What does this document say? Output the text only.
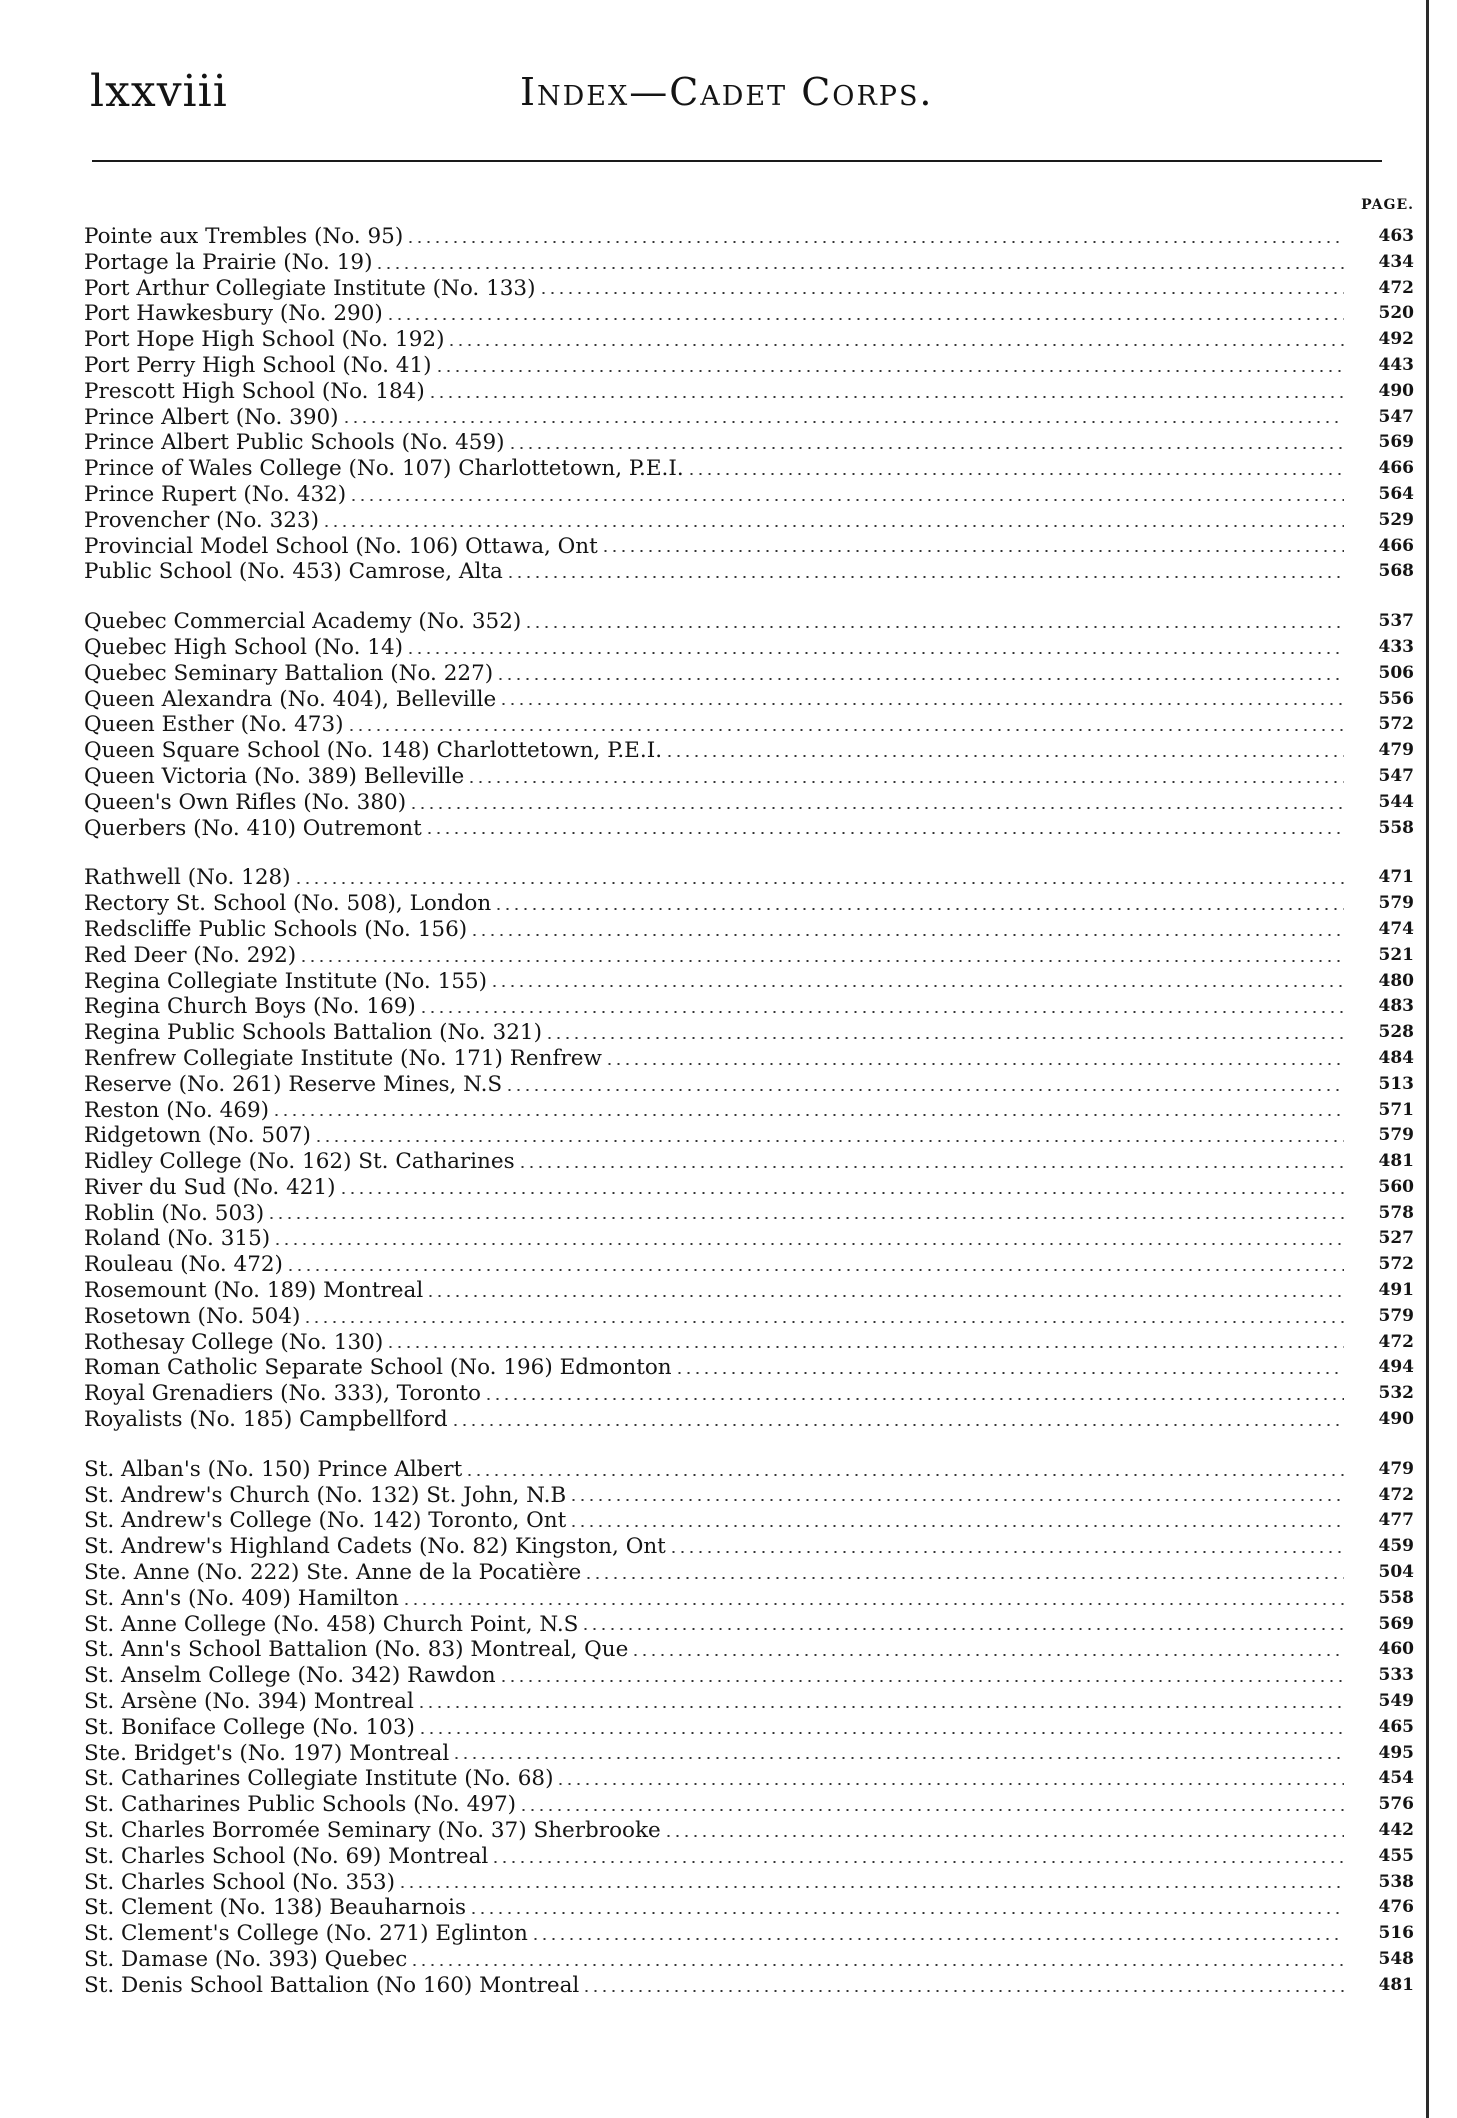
lxxviii	Index—Cadet Corps.
PAGE.
Pointe aux Trembles (No. 95)	463
Portage la Prairie (No. 19)	434
Port Arthur Collegiate Institute (No. 133)	472
Port Hawkesbury (No. 290)	520
Port Hope High School (No. 192)	492
Port Perry High School (No. 41)	443
Prescott High School (No. 184)	490
Prince Albert (No. 390)	547
Prince Albert Public Schools (No. 459)	569
Prince of Wales College (No. 107) Charlottetown, P.E.I.	466
Prince Rupert (No. 432)	564
Provencher (No. 323)	529
Provincial Model School (No. 106) Ottawa, Ont	466
Public School (No. 453) Camrose, Alta	568
Quebec Commercial Academy (No. 352)	537
Quebec High School (No. 14)	433
Quebec Seminary Battalion (No. 227)	506
Queen Alexandra (No. 404), Belleville	556
Queen Esther (No. 473)	572
Queen Square School (No. 148) Charlottetown, P.E.I.	479
Queen Victoria (No. 389) Belleville	547
Queen's Own Rifles (No. 380)	544
Querbers (No. 410) Outremont	558
Rathwell (No. 128)	471
Rectory St. School (No. 508), London	579
Redscliffe Public Schools (No. 156)	474
Red Deer (No. 292)	521
Regina Collegiate Institute (No. 155)	480
Regina Church Boys (No. 169)	483
Regina Public Schools Battalion (No. 321)	528
Renfrew Collegiate Institute (No. 171) Renfrew	484
Reserve (No. 261) Reserve Mines, N.S	513
Reston (No. 469)	571
Ridgetown (No. 507)	579
Ridley College (No. 162) St. Catharines	481
River du Sud (No. 421)	560
Roblin (No. 503)	578
Roland (No. 315)	527
Rouleau (No. 472)	572
Rosemount (No. 189) Montreal	491
Rosetown (No. 504)	579
Rothesay College (No. 130)	472
Roman Catholic Separate School (No. 196) Edmonton	494
Royal Grenadiers (No. 333), Toronto	532
Royalists (No. 185) Campbellford	490
St. Alban's (No. 150) Prince Albert	479
St. Andrew's Church (No. 132) St. John, N.B	472
St. Andrew's College (No. 142) Toronto, Ont	477
St. Andrew's Highland Cadets (No. 82) Kingston, Ont	459
Ste. Anne (No. 222) Ste. Anne de la Pocatière	504
St. Ann's (No. 409) Hamilton	558
St. Anne College (No. 458) Church Point, N.S	569
St. Ann's School Battalion (No. 83) Montreal, Que	460
St. Anselm College (No. 342) Rawdon	533
St. Arsène (No. 394) Montreal	549
St. Boniface College (No. 103)	465
Ste. Bridget's (No. 197) Montreal	495
St. Catharines Collegiate Institute (No. 68)	454
St. Catharines Public Schools (No. 497)	576
St. Charles Borromée Seminary (No. 37) Sherbrooke	442
St. Charles School (No. 69) Montreal	455
St. Charles School (No. 353)	538
St. Clement (No. 138) Beauharnois	476
St. Clement's College (No. 271) Eglinton	516
St. Damase (No. 393) Quebec	548
St. Denis School Battalion (No 160) Montreal	481
